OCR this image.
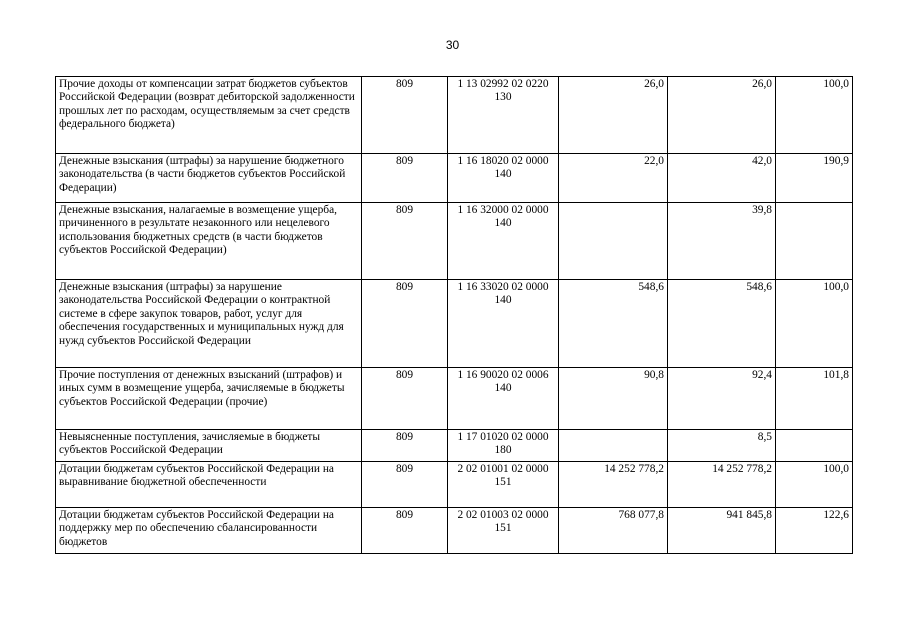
30
Прочие доходы от компенсации затрат бюджетов субъектов Российской Федерации (возврат дебиторской задолженности прошлых лет по расходам, осуществляемым за счет средств федерального бюджета)	809	1 13 02992 02 0220 130	26,0	26,0	100,0
Денежные взыскания (штрафы) за нарушение бюджетного законодательства (в части бюджетов субъектов Российской Федерации)	809	1 16 18020 02 0000 140	22,0	42,0	190,9
Денежные взыскания, налагаемые в возмещение ущерба, причиненного в результате незаконного или нецелевого использования бюджетных средств (в части бюджетов субъектов Российской Федерации)	809	1 16 32000 02 0000 140		39,8	
Денежные взыскания (штрафы) за нарушение законодательства Российской Федерации о контрактной системе в сфере закупок товаров, работ, услуг для обеспечения государственных и муниципальных нужд для нужд субъектов Российской Федерации	809	1 16 33020 02 0000 140	548,6	548,6	100,0
Прочие поступления от денежных взысканий (штрафов) и иных сумм в возмещение ущерба, зачисляемые в бюджеты субъектов Российской Федерации (прочие)	809	1 16 90020 02 0006 140	90,8	92,4	101,8
Невыясненные поступления, зачисляемые в бюджеты субъектов Российской Федерации	809	1 17 01020 02 0000 180		8,5	
Дотации бюджетам субъектов Российской Федерации на выравнивание бюджетной обеспеченности	809	2 02 01001 02 0000 151	14 252 778,2	14 252 778,2	100,0
Дотации бюджетам субъектов Российской Федерации на поддержку мер по обеспечению сбалансированности бюджетов	809	2 02 01003 02 0000 151	768 077,8	941 845,8	122,6
